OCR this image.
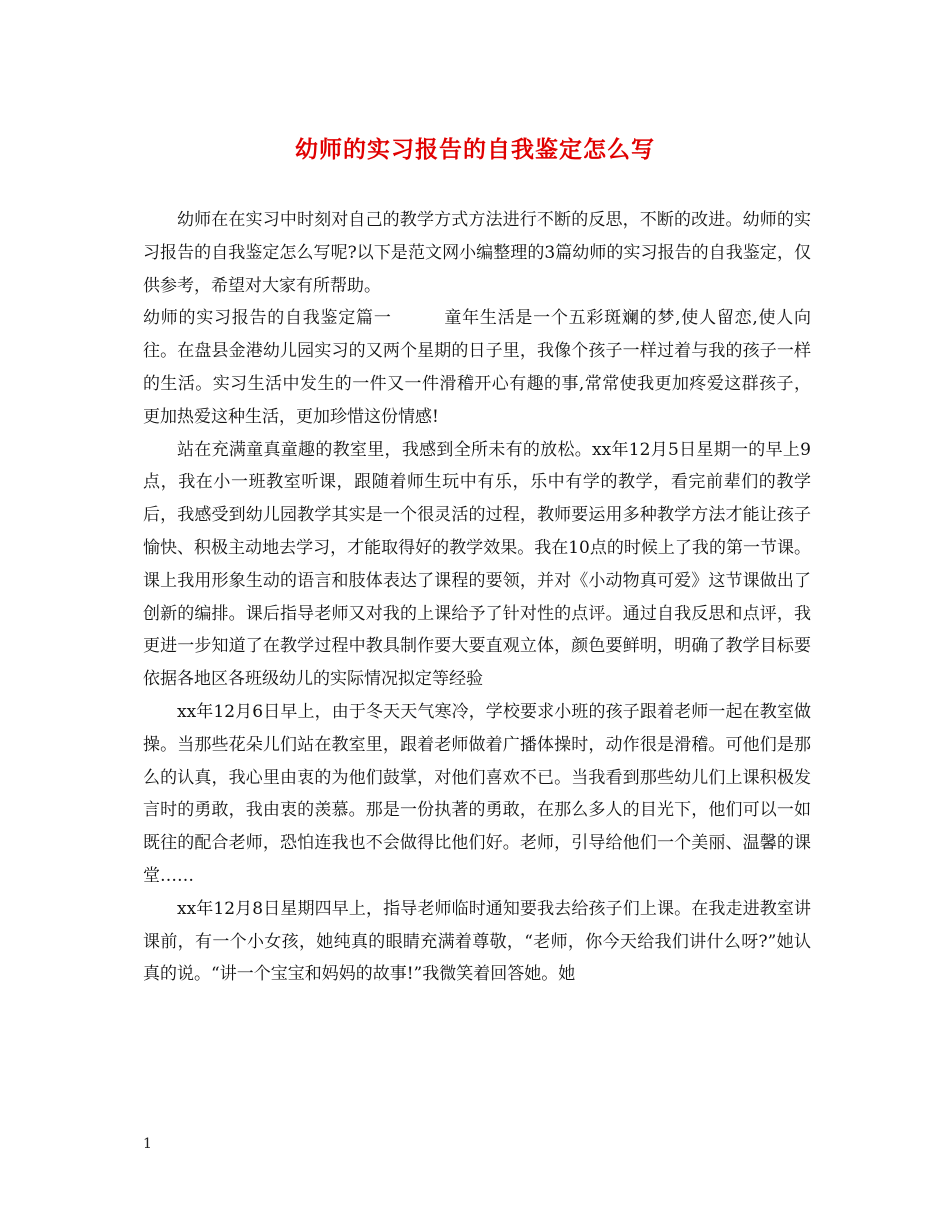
幼师的实习报告的自我鉴定怎么写

幼师在在实习中时刻对自己的教学方式方法进行不断的反思，不断的改进。幼师的实习报告的自我鉴定怎么写呢?以下是范文网小编整理的3篇幼师的实习报告的自我鉴定，仅供参考，希望对大家有所帮助。

幼师的实习报告的自我鉴定篇一	童年生活是一个五彩斑斓的梦,使人留恋,使人向往。在盘县金港幼儿园实习的又两个星期的日子里，我像个孩子一样过着与我的孩子一样的生活。实习生活中发生的一件又一件滑稽开心有趣的事,常常使我更加疼爱这群孩子，更加热爱这种生活，更加珍惜这份情感!

站在充满童真童趣的教室里，我感到全所未有的放松。xx年12月5日星期一的早上9点，我在小一班教室听课，跟随着师生玩中有乐，乐中有学的教学，看完前辈们的教学后，我感受到幼儿园教学其实是一个很灵活的过程，教师要运用多种教学方法才能让孩子愉快、积极主动地去学习，才能取得好的教学效果。我在10点的时候上了我的第一节课。课上我用形象生动的语言和肢体表达了课程的要领，并对《小动物真可爱》这节课做出了创新的编排。课后指导老师又对我的上课给予了针对性的点评。通过自我反思和点评，我更进一步知道了在教学过程中教具制作要大要直观立体，颜色要鲜明，明确了教学目标要依据各地区各班级幼儿的实际情况拟定等经验

xx年12月6日早上，由于冬天天气寒冷，学校要求小班的孩子跟着老师一起在教室做操。当那些花朵儿们站在教室里，跟着老师做着广播体操时，动作很是滑稽。可他们是那么的认真，我心里由衷的为他们鼓掌，对他们喜欢不已。当我看到那些幼儿们上课积极发言时的勇敢，我由衷的羡慕。那是一份执著的勇敢，在那么多人的目光下，他们可以一如既往的配合老师，恐怕连我也不会做得比他们好。老师，引导给他们一个美丽、温馨的课堂……

xx年12月8日星期四早上，指导老师临时通知要我去给孩子们上课。在我走进教室讲课前，有一个小女孩，她纯真的眼睛充满着尊敬，“老师，你今天给我们讲什么呀?”她认真的说。“讲一个宝宝和妈妈的故事!”我微笑着回答她。她

1
